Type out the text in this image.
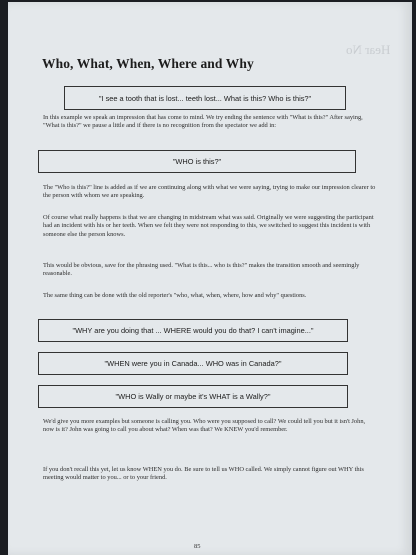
Hear No
Who, What, When, Where and Why
"I see a tooth that is lost... teeth lost... What is this? Who is this?"

In this example we speak an impression that has come to mind. We try ending the sentence with "What is this?" After saying, "What is this?" we pause a little and if there is no recognition from the spectator we add in:

"WHO is this?"

The "Who is this?" line is added as if we are continuing along with what we were saying, trying to make our impression clearer to the person with whom we are speaking.

Of course what really happens is that we are changing in midstream what was said. Originally we were suggesting the participant had an incident with his or her teeth. When we felt they were not responding to this, we switched to suggest this incident is with someone else the person knows.

This would be obvious, save for the phrasing used. "What is this... who is this?" makes the transition smooth and seemingly reasonable.

The same thing can be done with the old reporter's "who, what, when, where, how and why" questions.

"WHY are you doing that ... WHERE would you do that? I can't imagine..."
"WHEN were you in Canada... WHO was in Canada?"
"WHO is Wally or maybe it's WHAT is a Wally?"

We'd give you more examples but someone is calling you. Who were you supposed to call? We could tell you but it isn't John, now is it? John was going to call you about what? When was that? We KNEW you'd remember.

If you don't recall this yet, let us know WHEN you do. Be sure to tell us WHO called. We simply cannot figure out WHY this meeting would matter to you... or to your friend.

85
